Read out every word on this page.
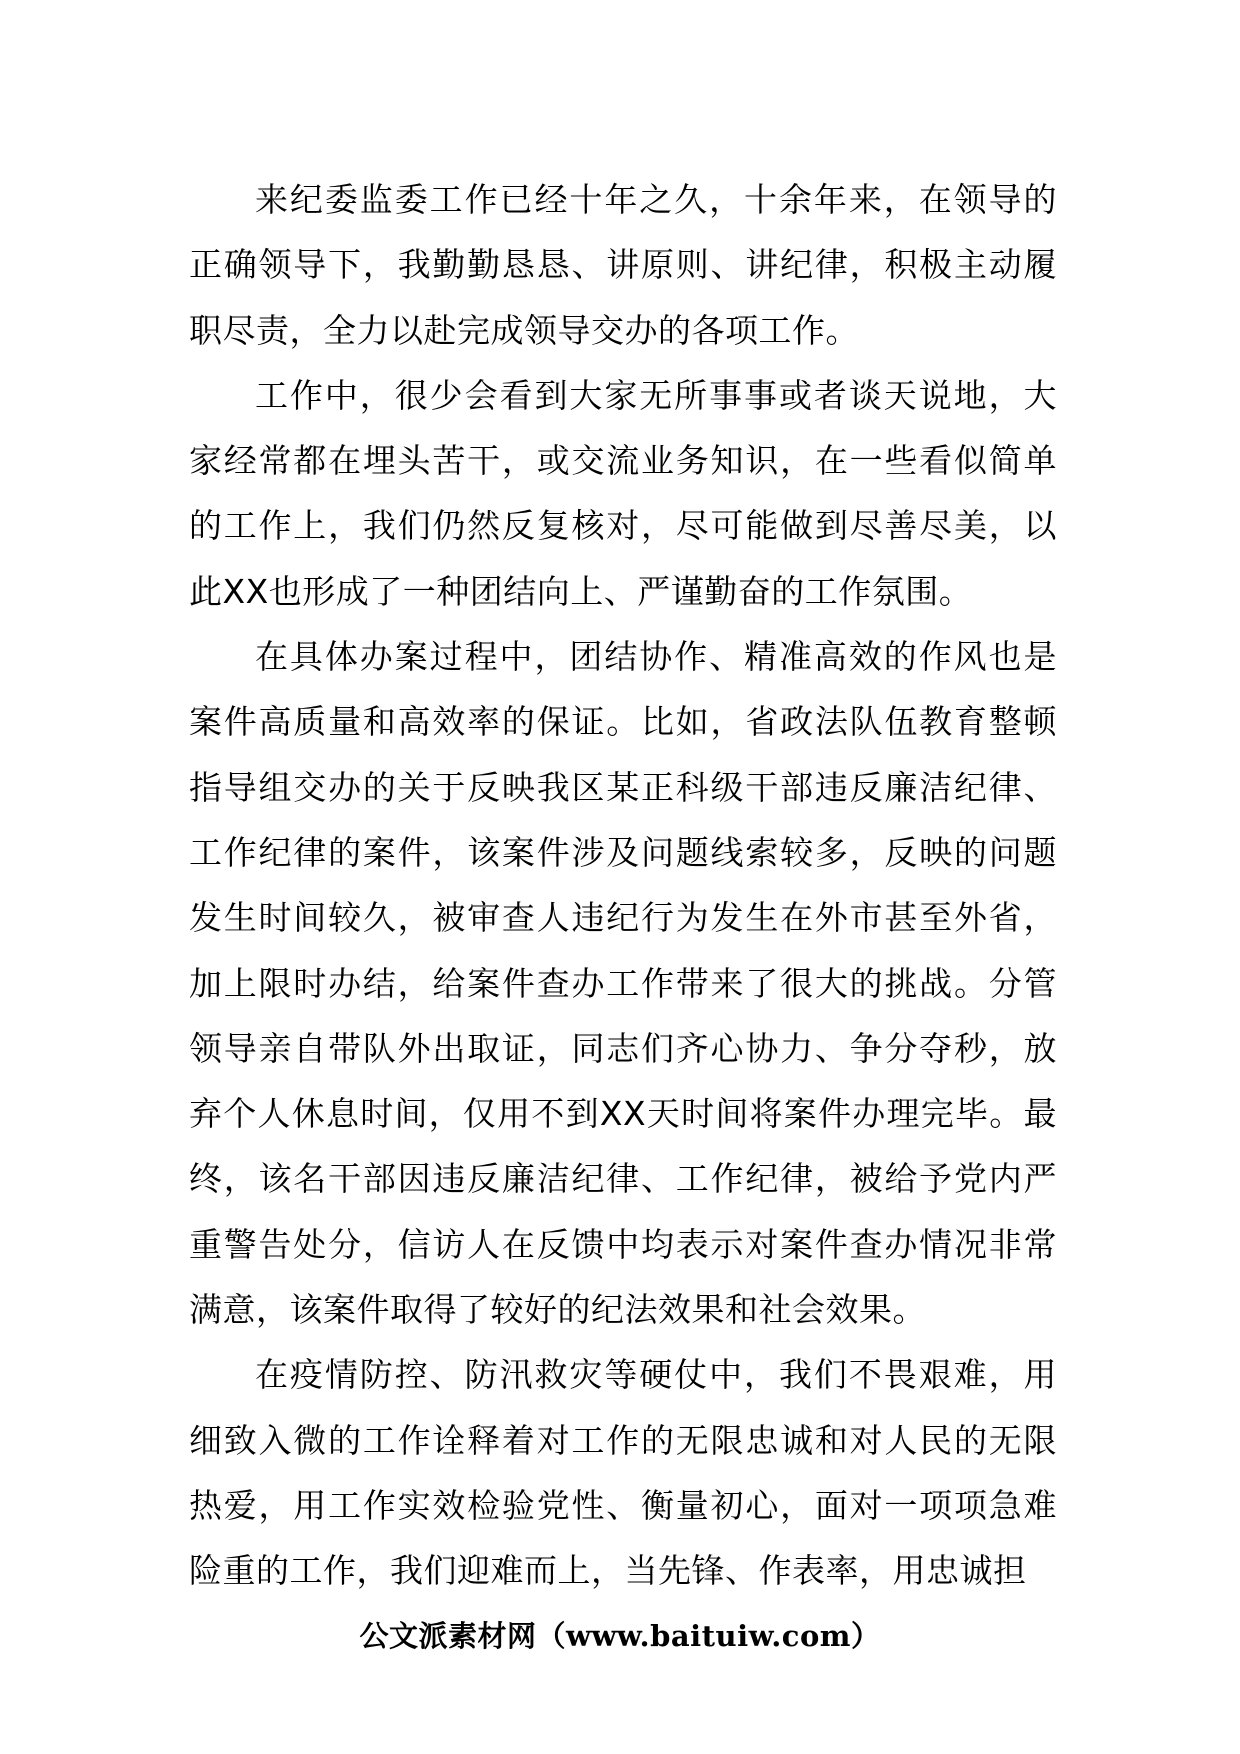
来纪委监委工作已经十年之久，十余年来，在领导的正确领导下，我勤勤恳恳、讲原则、讲纪律，积极主动履职尽责，全力以赴完成领导交办的各项工作。

工作中，很少会看到大家无所事事或者谈天说地，大家经常都在埋头苦干，或交流业务知识，在一些看似简单的工作上，我们仍然反复核对，尽可能做到尽善尽美，以此XX也形成了一种团结向上、严谨勤奋的工作氛围。

在具体办案过程中，团结协作、精准高效的作风也是案件高质量和高效率的保证。比如，省政法队伍教育整顿指导组交办的关于反映我区某正科级干部违反廉洁纪律、工作纪律的案件，该案件涉及问题线索较多，反映的问题发生时间较久，被审查人违纪行为发生在外市甚至外省，加上限时办结，给案件查办工作带来了很大的挑战。分管领导亲自带队外出取证，同志们齐心协力、争分夺秒，放弃个人休息时间，仅用不到XX天时间将案件办理完毕。最终，该名干部因违反廉洁纪律、工作纪律，被给予党内严重警告处分，信访人在反馈中均表示对案件查办情况非常满意，该案件取得了较好的纪法效果和社会效果。

在疫情防控、防汛救灾等硬仗中，我们不畏艰难，用细致入微的工作诠释着对工作的无限忠诚和对人民的无限热爱，用工作实效检验党性、衡量初心，面对一项项急难险重的工作，我们迎难而上，当先锋、作表率，用忠诚担

公文派素材网（www.baituiw.com）
